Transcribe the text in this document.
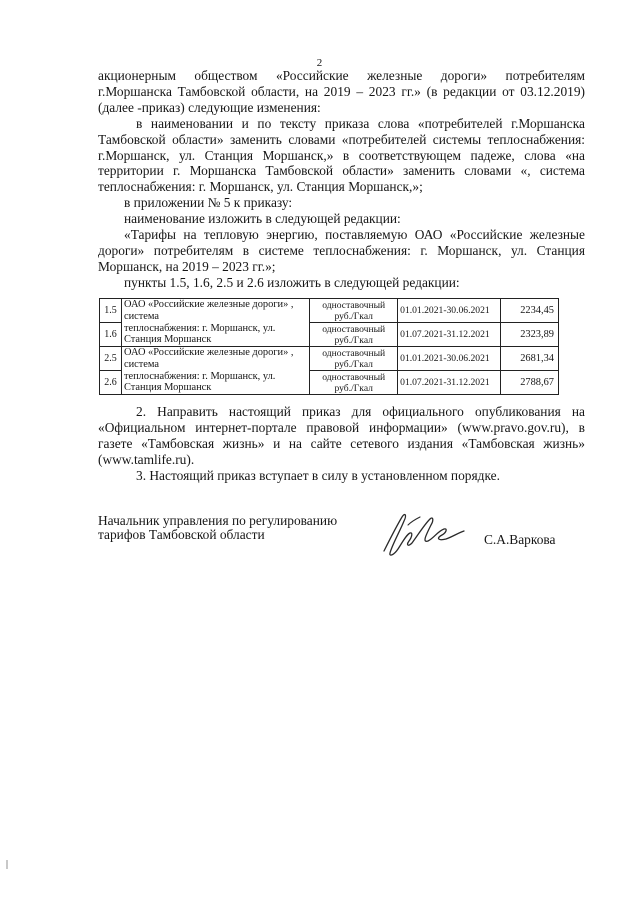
2

акционерным обществом «Российские железные дороги» потребителям г.Моршанска Тамбовской области, на 2019 – 2023 гг.» (в редакции от 03.12.2019) (далее -приказ) следующие изменения:

в наименовании и по тексту приказа слова «потребителей г.Моршанска Тамбовской области» заменить словами «потребителей системы теплоснабжения: г.Моршанск, ул. Станция Моршанск,» в соответствующем падеже, слова «на территории г. Моршанска Тамбовской области» заменить словами «, система теплоснабжения: г. Моршанск, ул. Станция Моршанск,»;

в приложении № 5 к приказу:

наименование изложить в следующей редакции:

«Тарифы на тепловую энергию, поставляемую ОАО «Российские железные дороги» потребителям в системе теплоснабжения: г. Моршанск, ул. Станция Моршанск, на 2019 – 2023 гг.»;

пункты 1.5, 1.6, 2.5 и 2.6 изложить в следующей редакции:

1.5	ОАО «Российские железные дороги» , система	одноставочный руб./Гкал	01.01.2021-30.06.2021	2234,45
1.6	теплоснабжения: г. Моршанск, ул. Станция Моршанск	одноставочный руб./Гкал	01.07.2021-31.12.2021	2323,89
2.5	ОАО «Российские железные дороги» , система	одноставочный руб./Гкал	01.01.2021-30.06.2021	2681,34
2.6	теплоснабжения: г. Моршанск, ул. Станция Моршанск	одноставочный руб./Гкал	01.07.2021-31.12.2021	2788,67

2. Направить настоящий приказ для официального опубликования на «Официальном интернет-портале правовой информации» (www.pravo.gov.ru), в газете «Тамбовская жизнь» и на сайте сетевого издания «Тамбовская жизнь» (www.tamlife.ru).

3. Настоящий приказ вступает в силу в установленном порядке.

Начальник управления по регулированию
тарифов Тамбовской области	С.А.Варкова
